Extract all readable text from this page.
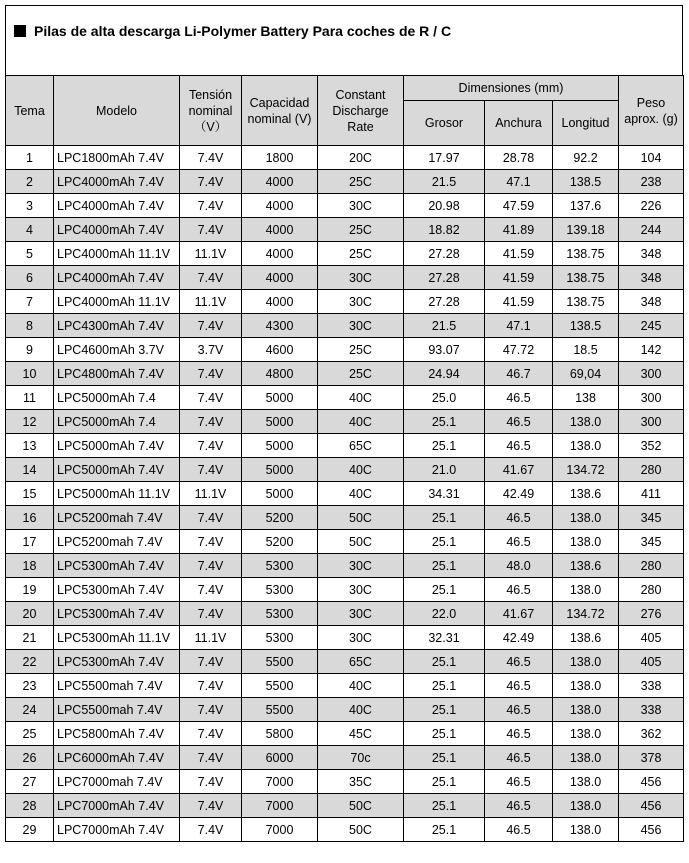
Pilas de alta descarga Li-Polymer Battery Para coches de R / C
Tema	Modelo	Tensión nominal （V）	Capacidad nominal (V)	Constant Discharge Rate	Dimensiones (mm)			Peso aprox. (g)
					Grosor	Anchura	Longitud	
1	LPC1800mAh 7.4V	7.4V	1800	20C	17.97	28.78	92.2	104
2	LPC4000mAh 7.4V	7.4V	4000	25C	21.5	47.1	138.5	238
3	LPC4000mAh 7.4V	7.4V	4000	30C	20.98	47.59	137.6	226
4	LPC4000mAh 7.4V	7.4V	4000	25C	18.82	41.89	139.18	244
5	LPC4000mAh 11.1V	11.1V	4000	25C	27.28	41.59	138.75	348
6	LPC4000mAh 7.4V	7.4V	4000	30C	27.28	41.59	138.75	348
7	LPC4000mAh 11.1V	11.1V	4000	30C	27.28	41.59	138.75	348
8	LPC4300mAh 7.4V	7.4V	4300	30C	21.5	47.1	138.5	245
9	LPC4600mAh 3.7V	3.7V	4600	25C	93.07	47.72	18.5	142
10	LPC4800mAh 7.4V	7.4V	4800	25C	24.94	46.7	69,04	300
11	LPC5000mAh 7.4	7.4V	5000	40C	25.0	46.5	138	300
12	LPC5000mAh 7.4	7.4V	5000	40C	25.1	46.5	138.0	300
13	LPC5000mAh 7.4V	7.4V	5000	65C	25.1	46.5	138.0	352
14	LPC5000mAh 7.4V	7.4V	5000	40C	21.0	41.67	134.72	280
15	LPC5000mAh 11.1V	11.1V	5000	40C	34.31	42.49	138.6	411
16	LPC5200mah 7.4V	7.4V	5200	50C	25.1	46.5	138.0	345
17	LPC5200mah 7.4V	7.4V	5200	50C	25.1	46.5	138.0	345
18	LPC5300mAh 7.4V	7.4V	5300	30C	25.1	48.0	138.6	280
19	LPC5300mAh 7.4V	7.4V	5300	30C	25.1	46.5	138.0	280
20	LPC5300mAh 7.4V	7.4V	5300	30C	22.0	41.67	134.72	276
21	LPC5300mAh 11.1V	11.1V	5300	30C	32.31	42.49	138.6	405
22	LPC5300mAh 7.4V	7.4V	5500	65C	25.1	46.5	138.0	405
23	LPC5500mah 7.4V	7.4V	5500	40C	25.1	46.5	138.0	338
24	LPC5500mah 7.4V	7.4V	5500	40C	25.1	46.5	138.0	338
25	LPC5800mAh 7.4V	7.4V	5800	45C	25.1	46.5	138.0	362
26	LPC6000mAh 7.4V	7.4V	6000	70c	25.1	46.5	138.0	378
27	LPC7000mah 7.4V	7.4V	7000	35C	25.1	46.5	138.0	456
28	LPC7000mAh 7.4V	7.4V	7000	50C	25.1	46.5	138.0	456
29	LPC7000mAh 7.4V	7.4V	7000	50C	25.1	46.5	138.0	456
